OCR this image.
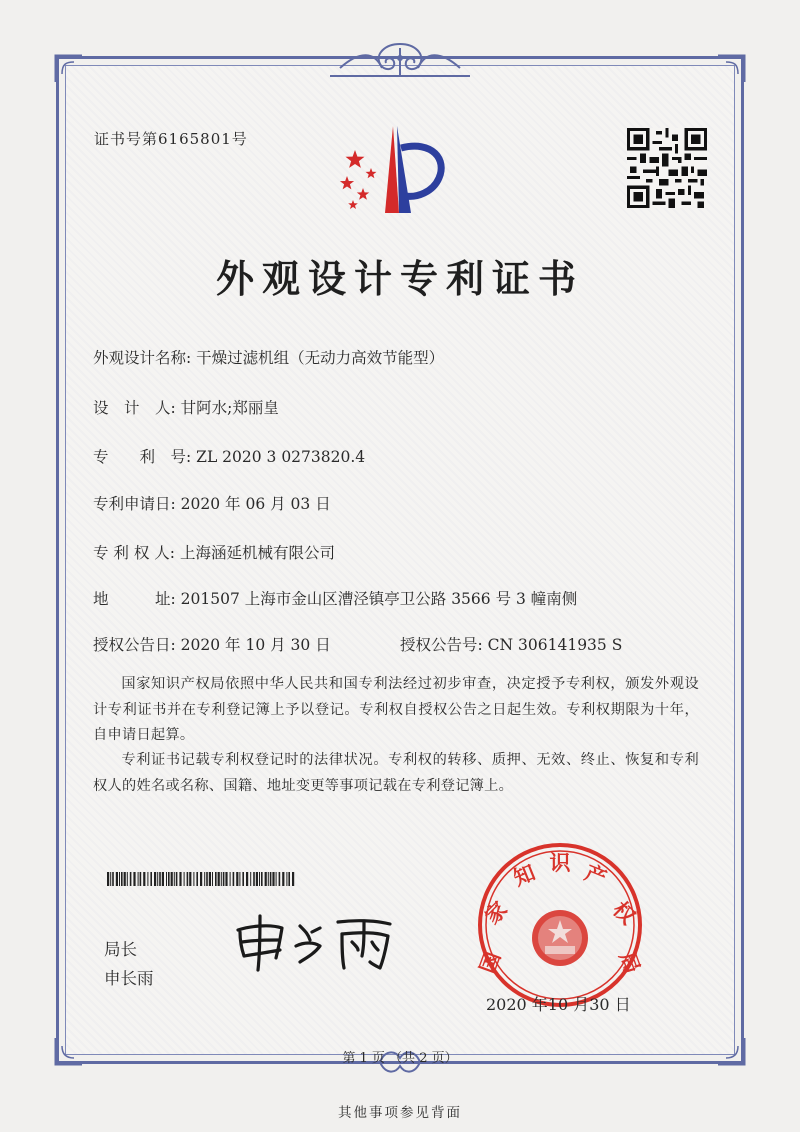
证书号第6165801号
外观设计专利证书
外观设计名称: 干燥过滤机组（无动力高效节能型）
设　计　人: 甘阿水;郑丽皇
专　　利　号: ZL 2020 3 0273820.4
专利申请日: 2020 年 06 月 03 日
专 利 权 人: 上海涵延机械有限公司
地　　　址: 201507 上海市金山区漕泾镇亭卫公路 3566 号 3 幢南侧
授权公告日: 2020 年 10 月 30 日	授权公告号: CN 306141935 S
国家知识产权局依照中华人民共和国专利法经过初步审查，决定授予专利权，颁发外观设计专利证书并在专利登记簿上予以登记。专利权自授权公告之日起生效。专利权期限为十年，自申请日起算。
专利证书记载专利权登记时的法律状况。专利权的转移、质押、无效、终止、恢复和专利权人的姓名或名称、国籍、地址变更等事项记载在专利登记簿上。
局长
申长雨
国
家
知 识 产
权
局
2020 年10 月30 日
第 1 页 （共 2 页）
其他事项参见背面
